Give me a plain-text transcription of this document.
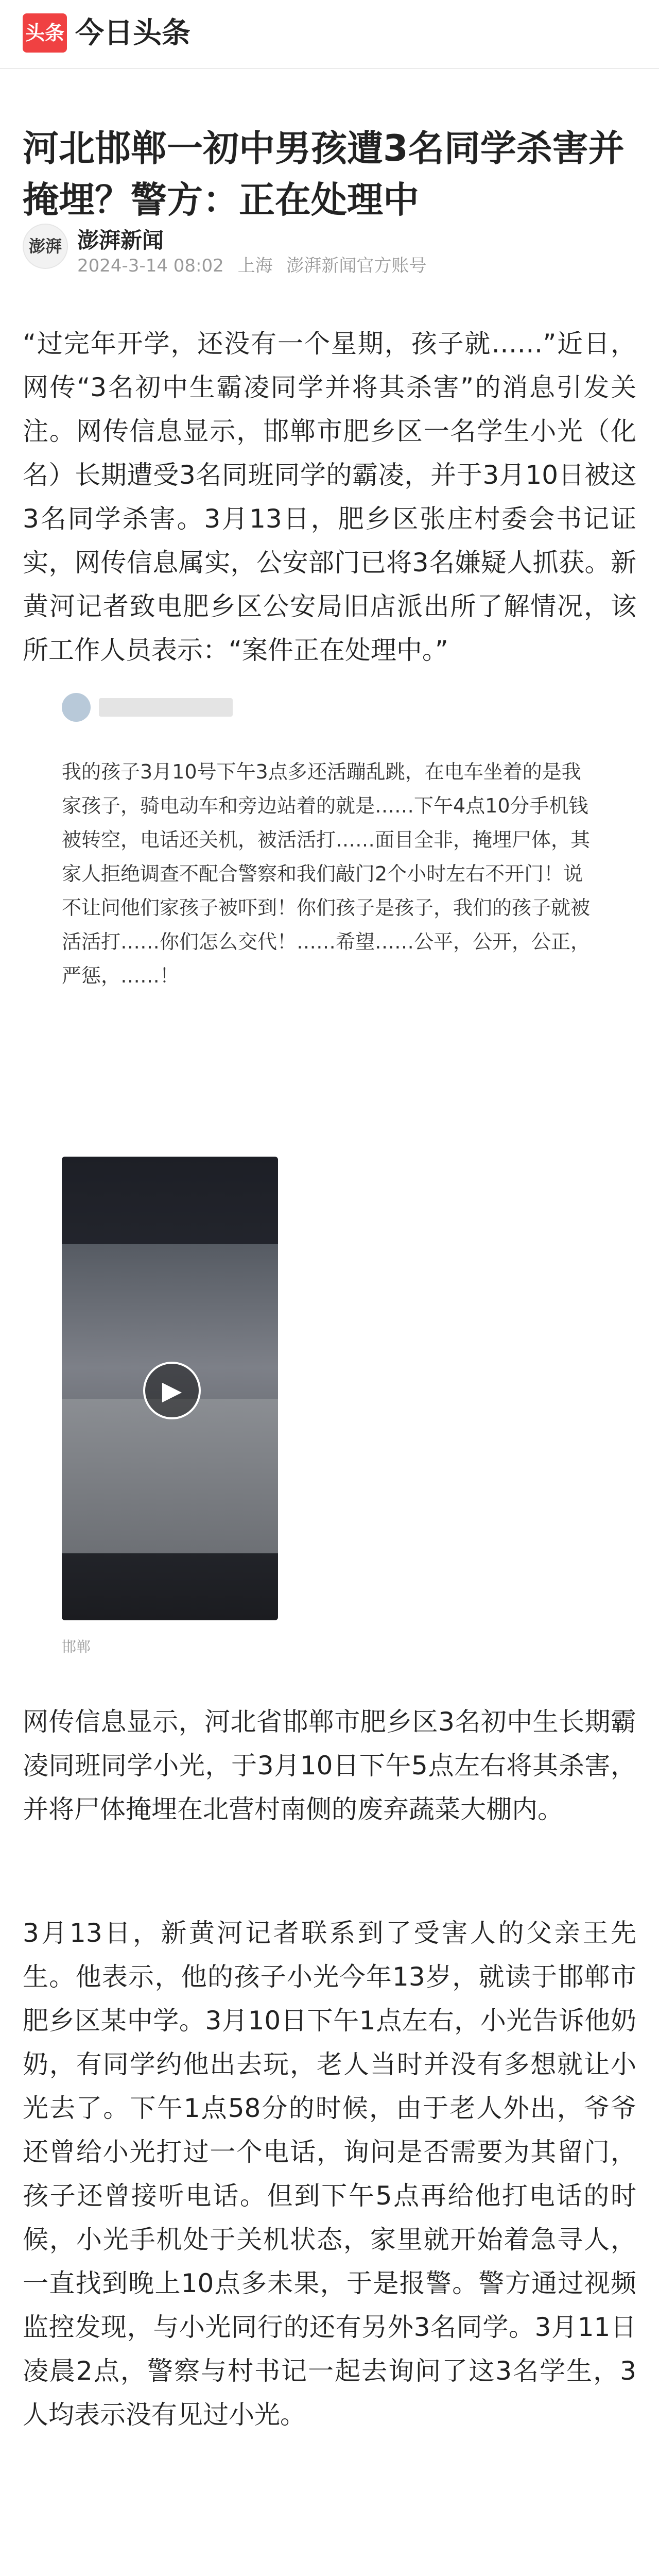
头条 今日头条
河北邯郸一初中男孩遭3名同学杀害并掩埋？警方：正在处理中
澎湃 澎湃新闻
2024-3-14 08:02 上海 澎湃新闻官方账号

“过完年开学，还没有一个星期，孩子就……”近日，网传“3名初中生霸凌同学并将其杀害”的消息引发关注。网传信息显示，邯郸市肥乡区一名学生小光（化名）长期遭受3名同班同学的霸凌，并于3月10日被这3名同学杀害。3月13日，肥乡区张庄村委会书记证实，网传信息属实，公安部门已将3名嫌疑人抓获。新黄河记者致电肥乡区公安局旧店派出所了解情况，该所工作人员表示：“案件正在处理中。”

我的孩子3月10号下午3点多还活蹦乱跳，在电车坐着的是我家孩子，骑电动车和旁边站着的就是……下午4点10分手机钱被转空，电话还关机，被活活打……面目全非，掩埋尸体，其家人拒绝调查不配合警察和我们敲门2个小时左右不开门！说不让问他们家孩子被吓到！你们孩子是孩子，我们的孩子就被活活打……你们怎么交代！……希望……公平，公开，公正，严惩，……！

▶
邯郸

网传信息显示，河北省邯郸市肥乡区3名初中生长期霸凌同班同学小光，于3月10日下午5点左右将其杀害，并将尸体掩埋在北营村南侧的废弃蔬菜大棚内。

3月13日，新黄河记者联系到了受害人的父亲王先生。他表示，他的孩子小光今年13岁，就读于邯郸市肥乡区某中学。3月10日下午1点左右，小光告诉他奶奶，有同学约他出去玩，老人当时并没有多想就让小光去了。下午1点58分的时候，由于老人外出，爷爷还曾给小光打过一个电话，询问是否需要为其留门，孩子还曾接听电话。但到下午5点再给他打电话的时候，小光手机处于关机状态，家里就开始着急寻人，一直找到晚上10点多未果，于是报警。警方通过视频监控发现，与小光同行的还有另外3名同学。3月11日凌晨2点，警察与村书记一起去询问了这3名学生，3人均表示没有见过小光。
